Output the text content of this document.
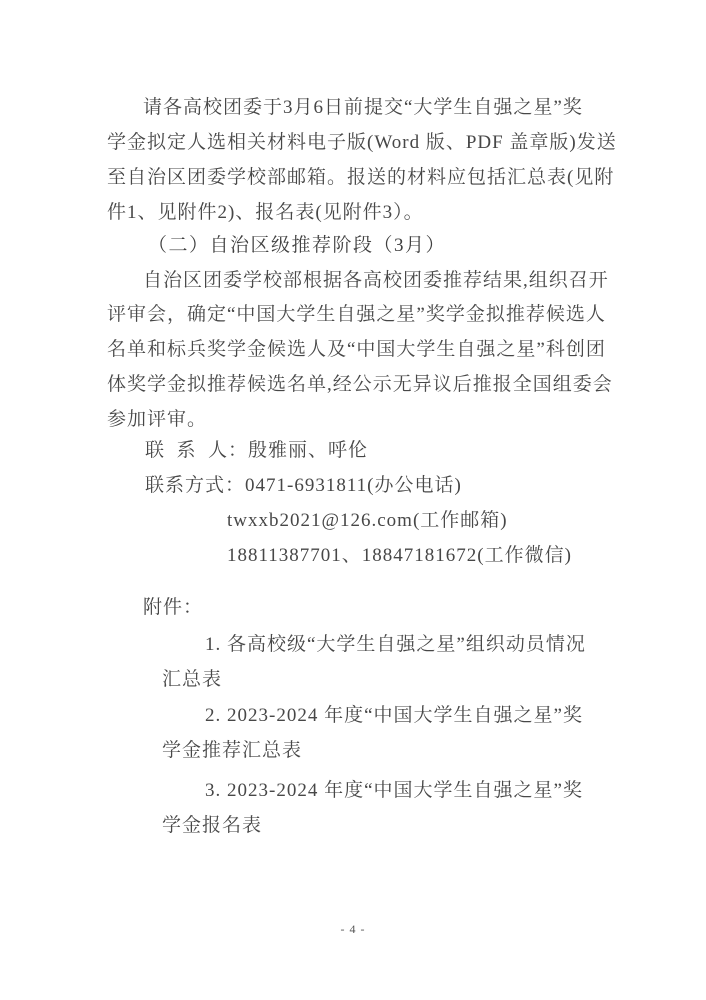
请各高校团委于3月6日前提交“大学生自强之星”奖
学金拟定人选相关材料电子版(Word 版、PDF 盖章版)发送
至自治区团委学校部邮箱。报送的材料应包括汇总表(见附
件1、见附件2)、报名表(见附件3）。
（二）自治区级推荐阶段（3月）
自治区团委学校部根据各高校团委推荐结果,组织召开
评审会，确定“中国大学生自强之星”奖学金拟推荐候选人
名单和标兵奖学金候选人及“中国大学生自强之星”科创团
体奖学金拟推荐候选名单,经公示无异议后推报全国组委会
参加评审。
联  系  人：殷雅丽、呼伦
联系方式：0471-6931811(办公电话)
twxxb2021@126.com(工作邮箱)
18811387701、18847181672(工作微信)
附件：
1. 各高校级“大学生自强之星”组织动员情况
汇总表
2. 2023-2024 年度“中国大学生自强之星”奖
学金推荐汇总表
3. 2023-2024 年度“中国大学生自强之星”奖
学金报名表
- 4 -
